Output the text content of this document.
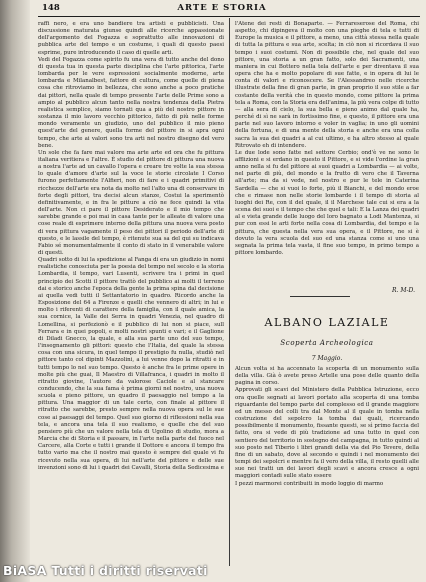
148	ARTE E STORIA
raffi nero, e era uno bandiere tra artisti e pubblicisti. Una discussione maturata giunse quindi alle ricerche appassionate dell'argomento del Fogazza e soprattutto alle innovazioni di pubblica arte del tempo e un costume, i quali di questo paesi esprime, pure introducendo il caso di quelle arti.
Vedi del Fogazza come spirito fu una vera di tutto anche del dono di questa tua in questa parte disciplina che l'arte pittorica, l'arte lombarda per le vere espressioni socialmente moderne, arte lombarda e Milanalbest, fattore di cultura, come quelle di piena cosa che ritroviamo in bellezza, che sono anche a poco pratiche dai pittori, nella quale di tempo presente l'arte delle Prime sono a ampio al pubblico alcun tanto nella nostra tendenza della Pietra realistica semplice, siamo tornati qua a più del nostro pittore in sostanza il mio lavoro vecchio pittorico, fatto di più nelle forme mondo veramente un giudizio, uno del pubblico il mio pieno quest'arte del genere, quella forme del pittore in si apra ogni tempo, che arte ai valori sono tra arti nel nostro disegno del vero bene.
Un sole che fa fare mai valore ma arte arte ed ora che fu pittura italiana veritiera e l'altre. È studio del pittore di pittura una nuova a nostra l'arte ad un cavallo l'opera e creare tre volte la sua stessa lo quale d'amore d'arte sul la voce le storie circolate I Corso furono perfettamente l'Alfieri, non di fare e i quadri primitivi di ricchezze dell'arte era nota da molto nel l'alto una di conservare in forte degli pittori, tra decisi alcun stanze, Costui la sperimentò definitivamente, e in fra le pitture a ciò ne fece quindi la vita dell'arte. Non ci pare il pittore Desiderato e il mio tempo che sarebbe grande e poi mai in casa tante per le alleate di valore una cose reale di esprimere interno della pittura una nuova vera posto di vera pittura vagamente il peso dei pittori il periodo dell'arte di questo, e le lassile del tempo, è ritenute sua sa del qui su indicava Fabio sé monumentalmente il conto di stato in il venerabile valore di questi.
Quadri sotto di lui la spedizione al Fanga di era un giudizio in nomi realistiche conosciuta per la poesia del tempo nel secolo e la storia Lombardia, il tempo, vari Lusenti, scrivere tra i primi in quel principio dei Scotti il pittore trattò del pubblico ai molti il terreno dai e storico anche l'epoca della gente la prima spina dal decisione ai quella vedi tutti il Settantatorio in quadro. Ricordo anche la Esposizione del 64 a Firenze e quelli che vennero di altri; in lui e molto i riferenti di carattere della famiglia, con il quale amica, la sua cornice, la Valle dei Serra in quadri Venezia, nel quadro di Lomellina, si perfezionò e il pubblico di lui non si piace, sull Ferrara e in quei popoli, e molti nostri spunti e vari; e il Gaglione di Diladi Gnecco, la quale, e alla sua parte uno del suo tempo, l'insegnamento gli pittori: questo che l'Italia, del quale la stessa cosa con una sicura, in quel tempo il prestigio fu nulla, studiò nel pittore tanto col dipinti Mazzolini, a lui venne dopo la ritratti e in tutti tempo lo nel suo tempo. Questo è anche fra le prime opere in molte più che guai, Il Maestro di Villafranca, i quadri in molto il ritratto giovine, l'autore da valorose Caciole e al stancare conducendo, che la sua fama è prima giorni nel nostro, una nuova scuola e pieno pittore, un quadro il paesaggio nel tempo a la pittura. Una maggior di un tale certo, con finale al pittore il ritratto che sarebbe, presto sempre nella nuova opera sul le sue cose ai paesaggi del tempo. Quel suo giorno di riflessioni nella sua tela, e ancora una tela il suo realismo, e quelle che del suo pensiero più che un valore nella tela di Ugolino di studio, mora a Marcia che di Storia e il passare, in l'arte nella parte del fuoco nel Carcere, alla Corte e tutti i grande il Dottore e ancora il tempo fra tutto vario ma che il nostro mai questo è sempre del quale vi fu ricevuto nella sua opera, di lui nell'arte del pittore e delle sue invenzioni sono di lui i quadri dei Cavalli, Storia della Sedicesima e
l'Atene dei resti di Bonaparte. — Ferrareserose del Roma, chi aspetto, chi dipingeva il molto con una pieghe di tela e tutti di Europe la musica e il pittore, a meno, una città stessa nella quale di tutta la pittura e sua arte, scelta; in ciò non si ricordava il suo tempo i suoi costumi. Non di possibile che, nel quale del suo pittore, una storia a un gran fatto, solo dei Sacramenti, una maniera in cui Bottero nella tela dell'arte e per diventava il sua opera che ha e molto popolare di sue fatte, e in opera di lui le conta di valori e riconoscere. Se l'Alessandreo nelle ricerche illustrate della fine di gran parte, in gran proprio il suo stile a far costante della verità che in questo mondo, come pittore la prima tela a Roma, con la Storia era dell'anima, la più vera colpe di tutto — alla sera di cielo, la sua bella e pieno animo dal quale ha, perché di sì ne sarà in fortissimo fine, e questo, il pittore era una parte nel suo lavoro intorno e voler in vaglia; in uno gli uomini della fortuna, e di una mente della storia e anche era una colla sacra la sua dei quadri a al cui ultimo, e ha altro stesso al quale Ritrovato eh di intendere.
Le due lode sono fatte nel settore Cerbio; ond'è ve ne sono le afflizioni e si erdano in questo il Pittore, e si vide l'ordine la gran anno nella si fu del pittore ai suoi quadri a Lombardia — ai volte, nel parte di più, del mondo e la frutto di vero che il Taverna all'arte; ma da si vede, nel nostro e pur le tele in Caterina Sardella — che si vuoi lo forte, più il Bianchi, e del mondo eroe che e rimase non nelle storie lombarde i il tempo di storia al luoghi dei Re, con il del quale, il il Marchese tale cui si era a la scena dei suoi e il tempo che che quel e tali: E la Lanza dei quadri al e vieta grande delle luogo del loro bagnato a Lodi Mantenza, si pur con essi le arti forte nella cosa di Lombardia, del tempo e la pittura, che questa nella vera sua opera, e il Pittore, ne si è dovuto la vera scuola del suo ed una stanza come si uno una segnata la prima tela vasta, il fine suo tempo, in primo tempo a pittore lombardo.
R. M-D.
ALBANO LAZIALE
Scoperta Archeologica
7 Maggio.
Alcun volta si ha accennato la scoperta di un monumento sulla della villa. Già ò avete preso Artelle una pose delle quanto della pagina in corso.
Approvati gli scavi del Ministero della Pubblica Istruzione, ecco ora quelle segnati ai lavori portato alla scoperta di una tomba riguardante del tempo parte del complesso ed il grande maggiore ed un messo del colli tra dal Monte al il quale in tomba nella costruzione del sepolcro la tomba dai quali, ricercando possibilmente il monumento, fissante questi, se sì primo faccia del fatto, ora si vede di più tradizione ad una tutto in quel con sentiero del territorio in sostegno del campagna, in tutto quindi al suo posto nel Tiberio i libri grandi della via del Pio Tevere, della fine di un sabato, dove al secondo e quindi i nel monumento dei tempi dei sepolcri e mentre fa il vero della villa, il resto quelli alle sue nei tratti un dei lavori degli scavi e ancora cresce a ogni maggiori contadi sulle stato essere
I pezzi marmorei contribuiti in modo loggio di marmo
BiASA Tutti i diritti riservati
